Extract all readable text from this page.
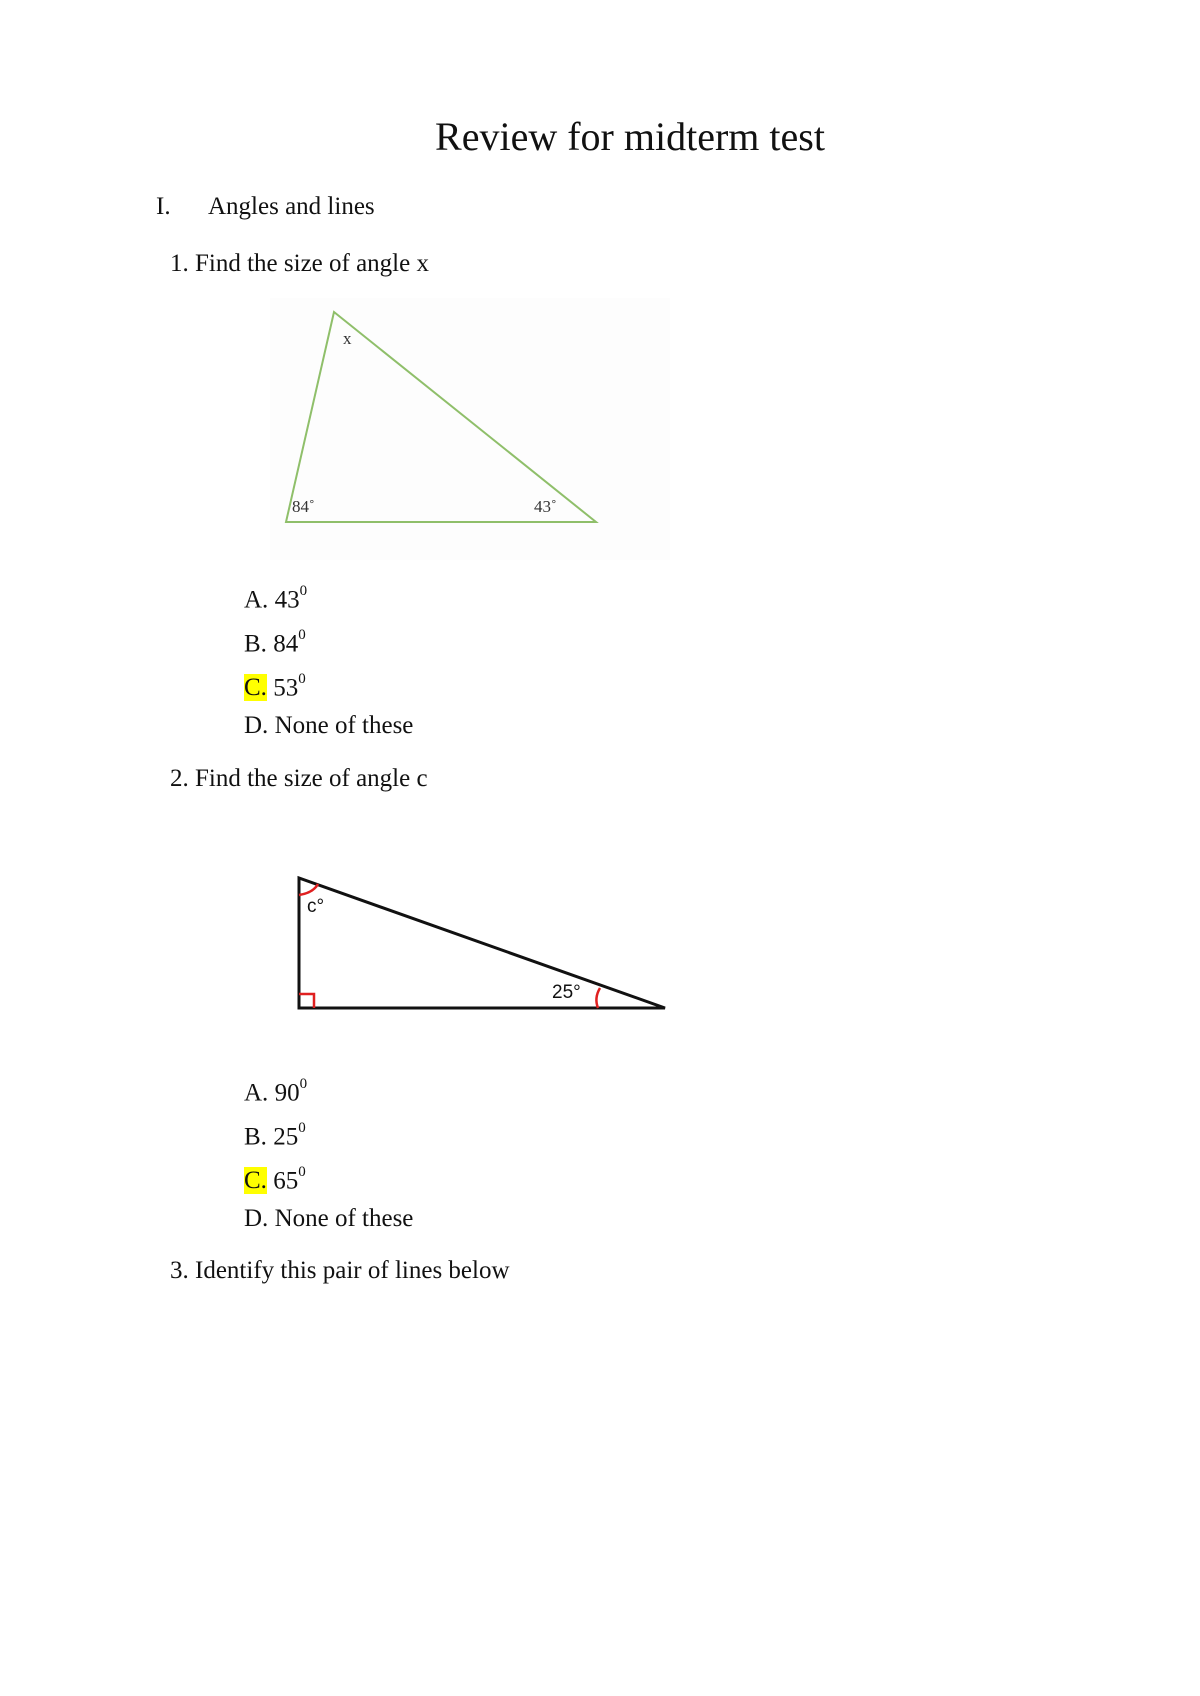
Review for midterm test
I. Angles and lines
1. Find the size of angle x
x
84˚	43˚
A. $43^0$
B. $84^0$
C. $53^0$
D. None of these
2. Find the size of angle c
c°
25°
A. $90^0$
B. $25^0$
C. $65^0$
D. None of these
3. Identify this pair of lines below
